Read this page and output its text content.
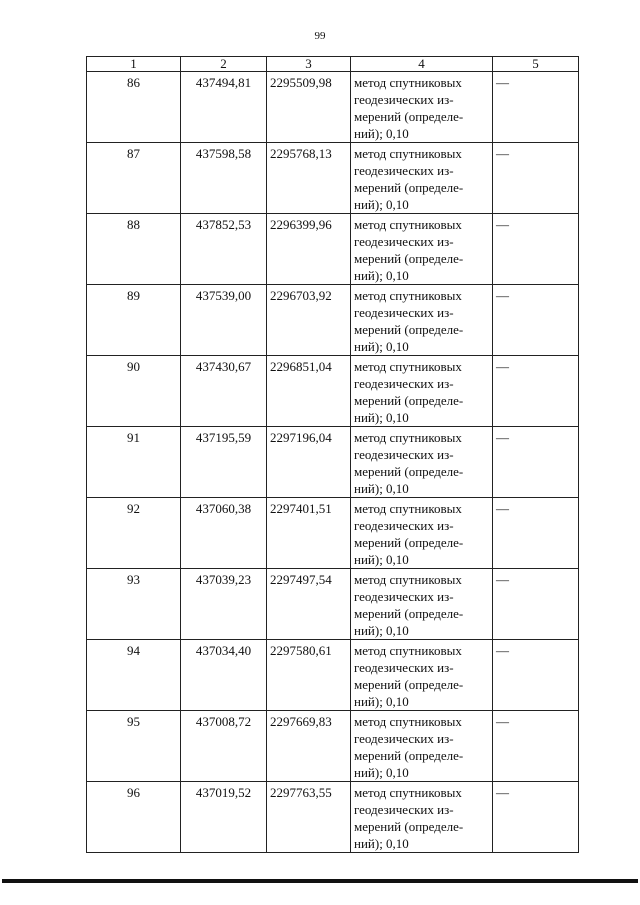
99
1	2	3	4	5
86	437494,81	2295509,98	метод спутниковых геодезических из-мерений (определе-ний); 0,10	—
87	437598,58	2295768,13	метод спутниковых геодезических из-мерений (определе-ний); 0,10	—
88	437852,53	2296399,96	метод спутниковых геодезических из-мерений (определе-ний); 0,10	—
89	437539,00	2296703,92	метод спутниковых геодезических из-мерений (определе-ний); 0,10	—
90	437430,67	2296851,04	метод спутниковых геодезических из-мерений (определе-ний); 0,10	—
91	437195,59	2297196,04	метод спутниковых геодезических из-мерений (определе-ний); 0,10	—
92	437060,38	2297401,51	метод спутниковых геодезических из-мерений (определе-ний); 0,10	—
93	437039,23	2297497,54	метод спутниковых геодезических из-мерений (определе-ний); 0,10	—
94	437034,40	2297580,61	метод спутниковых геодезических из-мерений (определе-ний); 0,10	—
95	437008,72	2297669,83	метод спутниковых геодезических из-мерений (определе-ний); 0,10	—
96	437019,52	2297763,55	метод спутниковых геодезических из-мерений (определе-ний); 0,10	—
